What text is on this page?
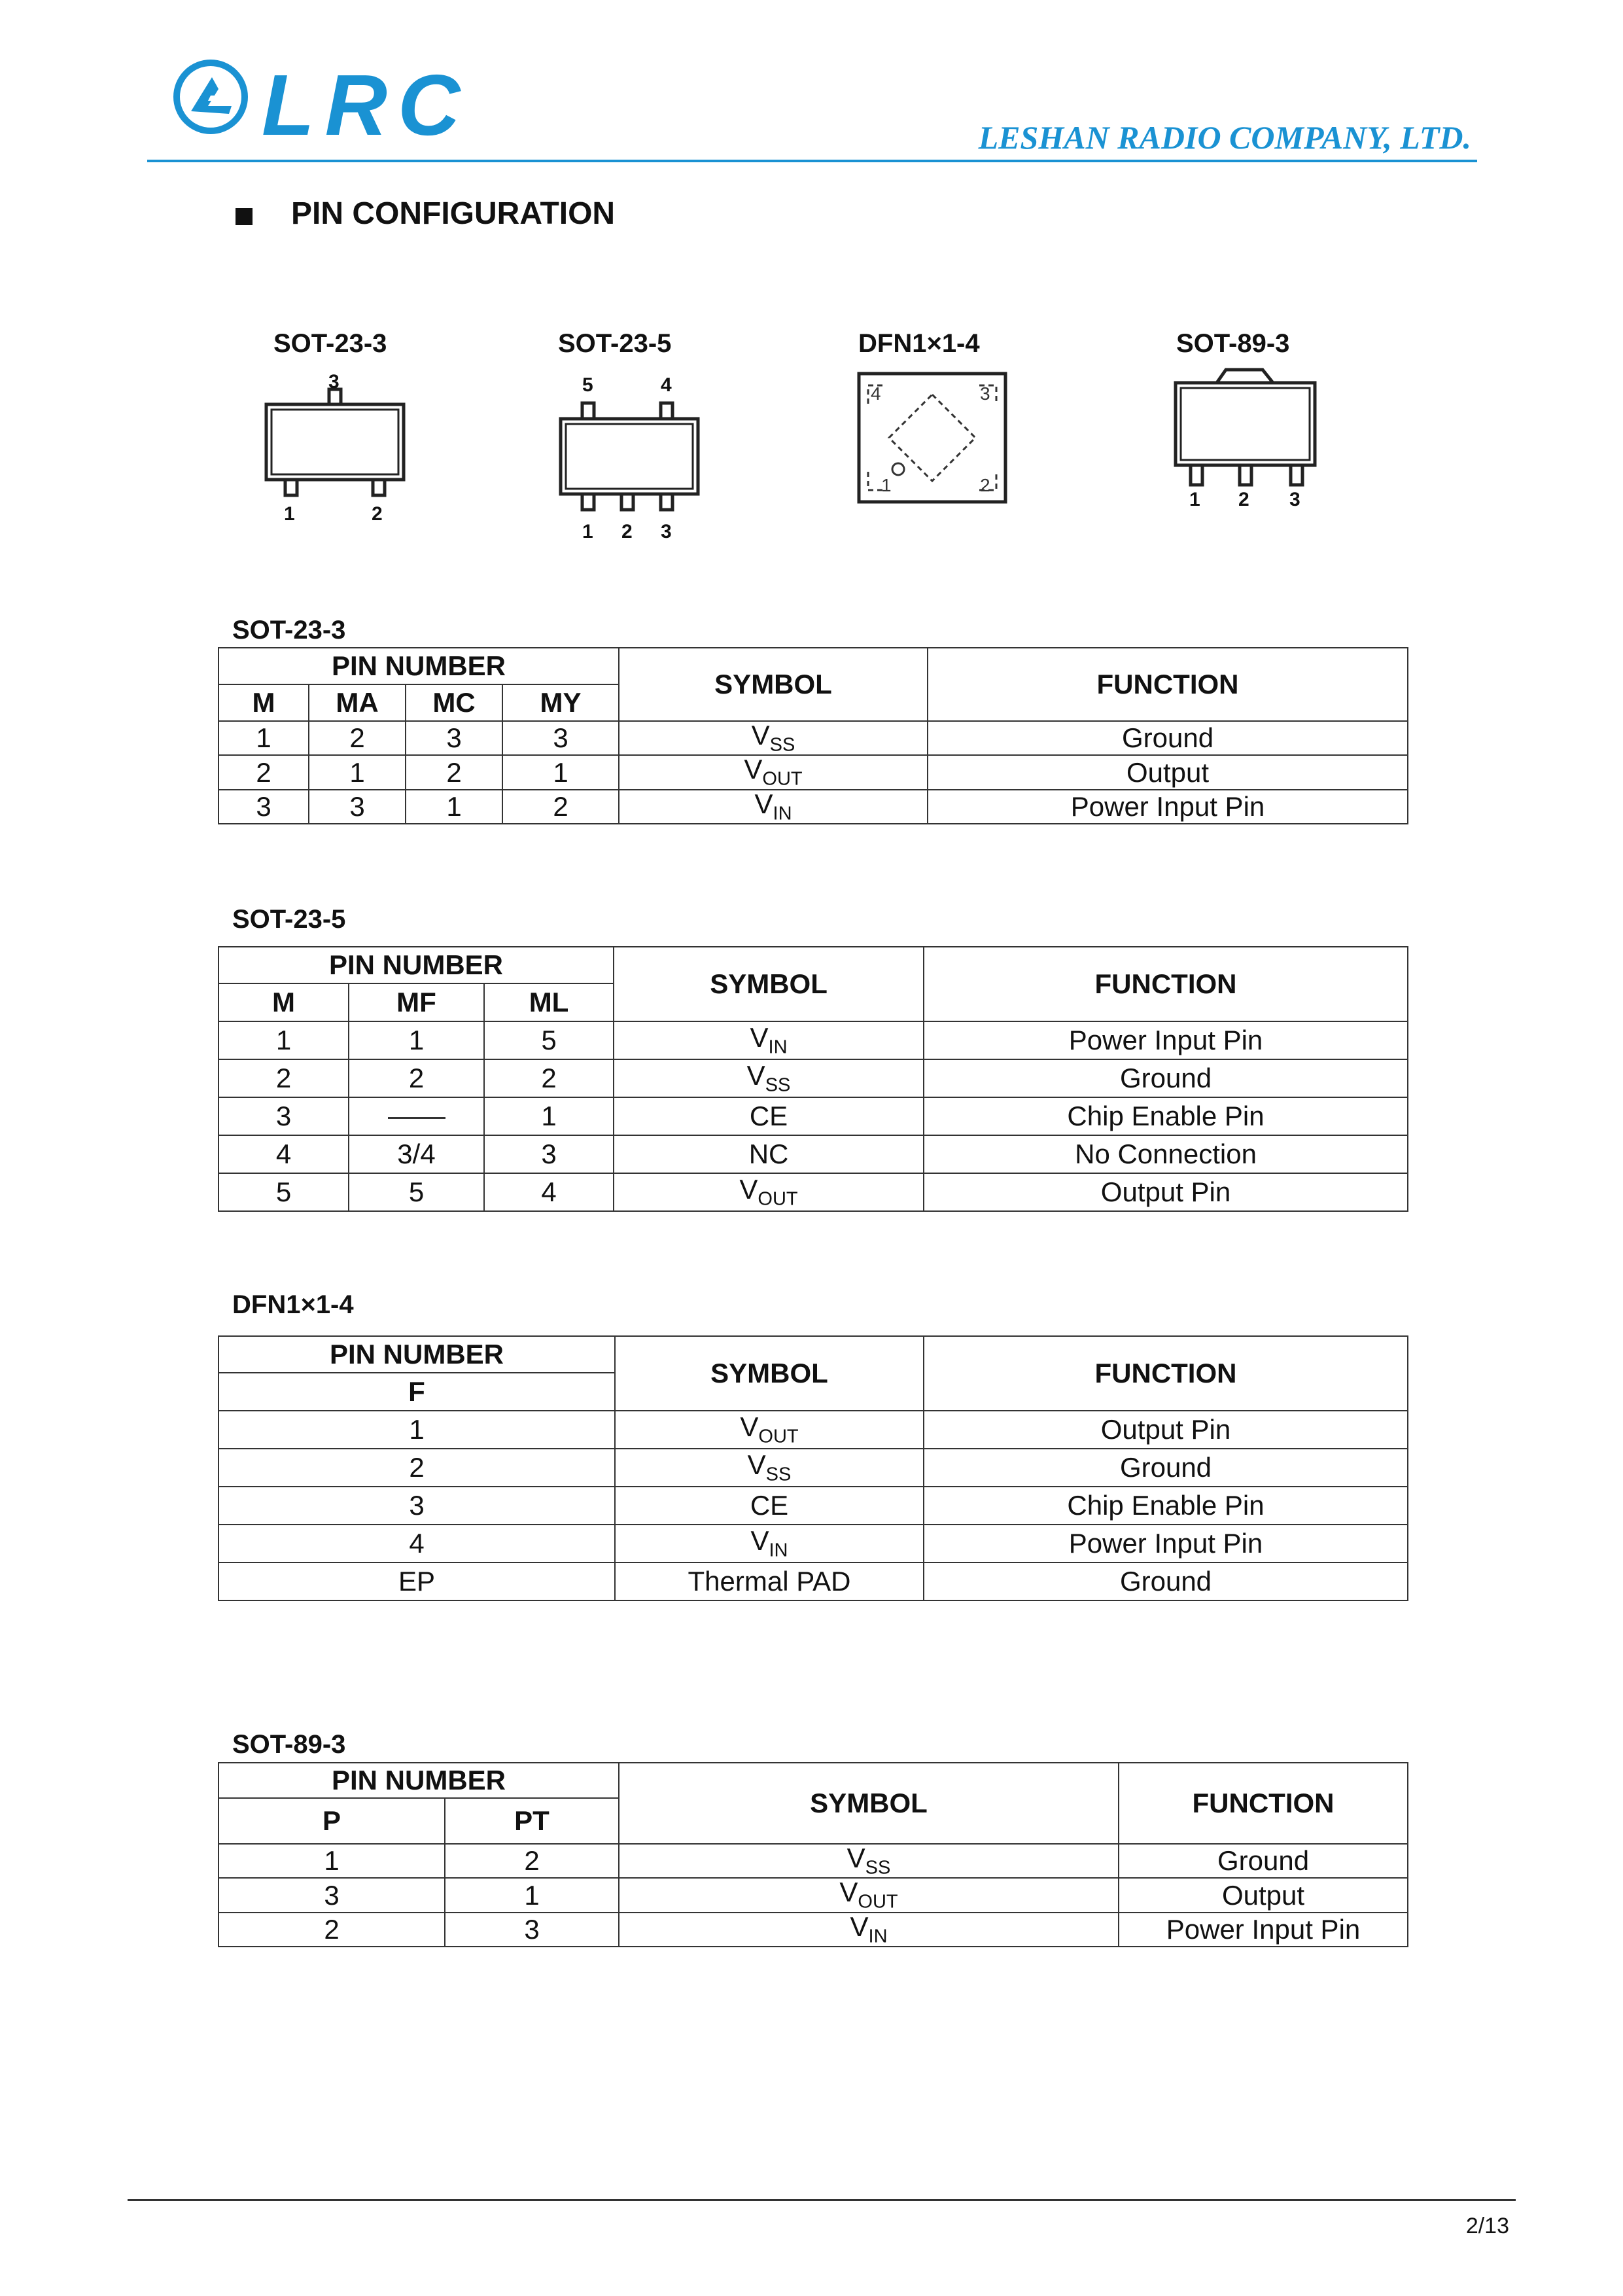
LRC	LESHAN RADIO COMPANY, LTD.
PIN CONFIGURATION
SOT-23-3	SOT-23-5	DFN1×1-4	SOT-89-3
3
1	2
5	4
1 2 3
4	3
1	2
1 2 3
SOT-23-3
PIN NUMBER				SYMBOL	FUNCTION
M	MA	MC	MY		
1	2	3	3	$V_{SS}$	Ground
2	1	2	1	$V_{OUT}$	Output
3	3	1	2	$V_{IN}$	Power Input Pin
SOT-23-5
PIN NUMBER			SYMBOL	FUNCTION
M	MF	ML		
1	1	5	$V_{IN}$	Power Input Pin
2	2	2	$V_{SS}$	Ground
3		1	CE	Chip Enable Pin
4	3/4	3	NC	No Connection
5	5	4	$V_{OUT}$	Output Pin
DFN1×1-4
PIN NUMBER	SYMBOL	FUNCTION
F		
1	$V_{OUT}$	Output Pin
2	$V_{SS}$	Ground
3	CE	Chip Enable Pin
4	$V_{IN}$	Power Input Pin
EP	Thermal PAD	Ground
SOT-89-3
PIN NUMBER		SYMBOL	FUNCTION
P	PT		
1	2	$V_{SS}$	Ground
3	1	$V_{OUT}$	Output
2	3	$V_{IN}$	Power Input Pin
2/13
